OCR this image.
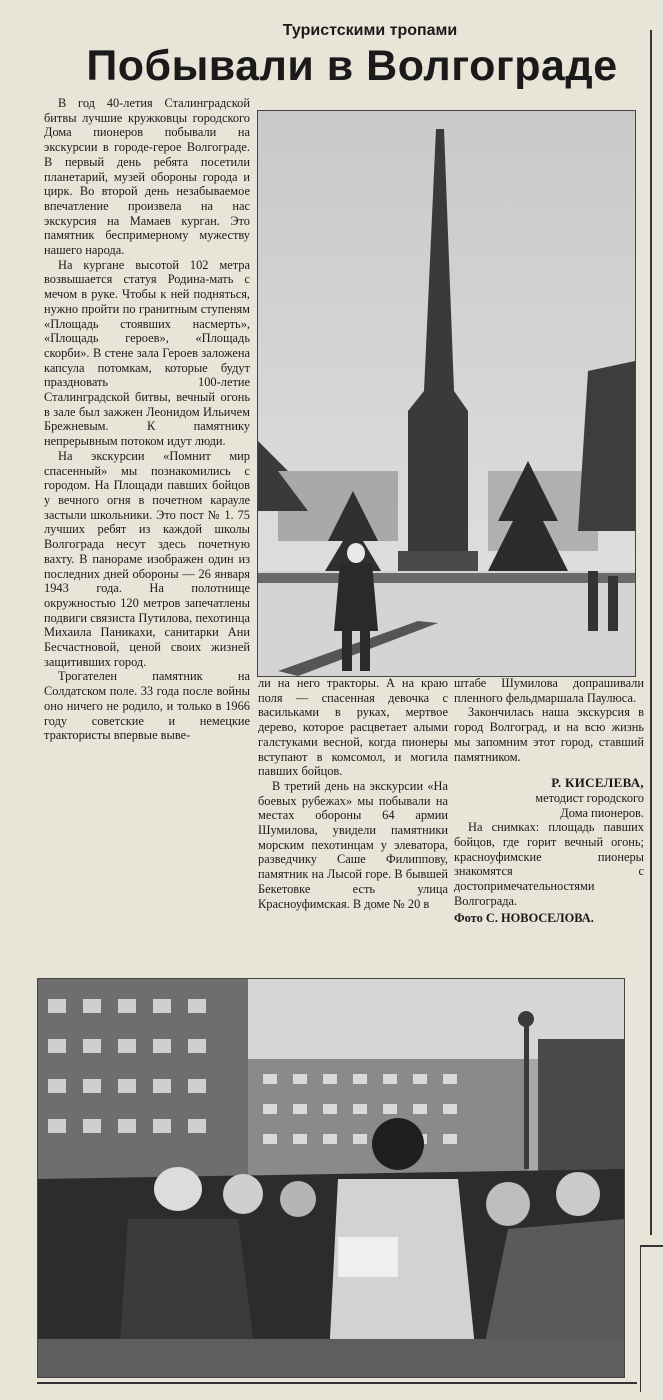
Туристскими тропами
Побывали в Волгограде

В год 40-летия Сталинградской битвы лучшие кружковцы городского Дома пионеров побывали на экскурсии в городе-герое Волгограде. В первый день ребята посетили планетарий, музей обороны города и цирк. Во второй день незабываемое впечатление произвела на нас экскурсия на Мамаев курган. Это памятник беспримерному мужеству нашего народа.

На кургане высотой 102 метра возвышается статуя Родина-мать с мечом в руке. Чтобы к ней подняться, нужно пройти по гранитным ступеням «Площадь стоявших насмерть», «Площадь героев», «Площадь скорби». В стене зала Героев заложена капсула потомкам, которые будут праздновать 100-летие Сталинградской битвы, вечный огонь в зале был зажжен Леонидом Ильичем Брежневым. К памятнику непрерывным потоком идут люди.

На экскурсии «Помнит мир спасенный» мы познакомились с городом. На Площади павших бойцов у вечного огня в почетном карауле застыли школьники. Это пост № 1. 75 лучших ребят из каждой школы Волгограда несут здесь почетную вахту. В панораме изображен один из последних дней обороны — 26 января 1943 года. На полотнище окружностью 120 метров запечатлены подвиги связиста Путилова, пехотинца Михаила Паникахи, санитарки Ани Бесчастновой, ценой своих жизней защитивших город.

Трогателен памятник на Солдатском поле. 33 года после войны оно ничего не родило, и только в 1966 году советские и немецкие трактористы впервые выве-

ли на него тракторы. А на краю поля — спасенная девочка с васильками в руках, мертвое дерево, которое расцветает алыми галстуками весной, когда пионеры вступают в комсомол, и могила павших бойцов.

В третий день на экскурсии «На боевых рубежах» мы побывали на местах обороны 64 армии Шумилова, увидели памятники морским пехотинцам у элеватора, разведчику Саше Филиппову, памятник на Лысой горе. В бывшей Бекетовке есть улица Красноуфимская. В доме № 20 в

штабе Шумилова допрашивали пленного фельдмаршала Паулюса.

Закончилась наша экскурсия в город Волгоград, и на всю жизнь мы запомним этот город, ставший памятником.

Р. КИСЕЛЕВА,
методист городского
Дома пионеров.

На снимках: площадь павших бойцов, где горит вечный огонь; красноуфимские пионеры знакомятся с достопримечательностями Волгограда.

Фото С. НОВОСЕЛОВА.
